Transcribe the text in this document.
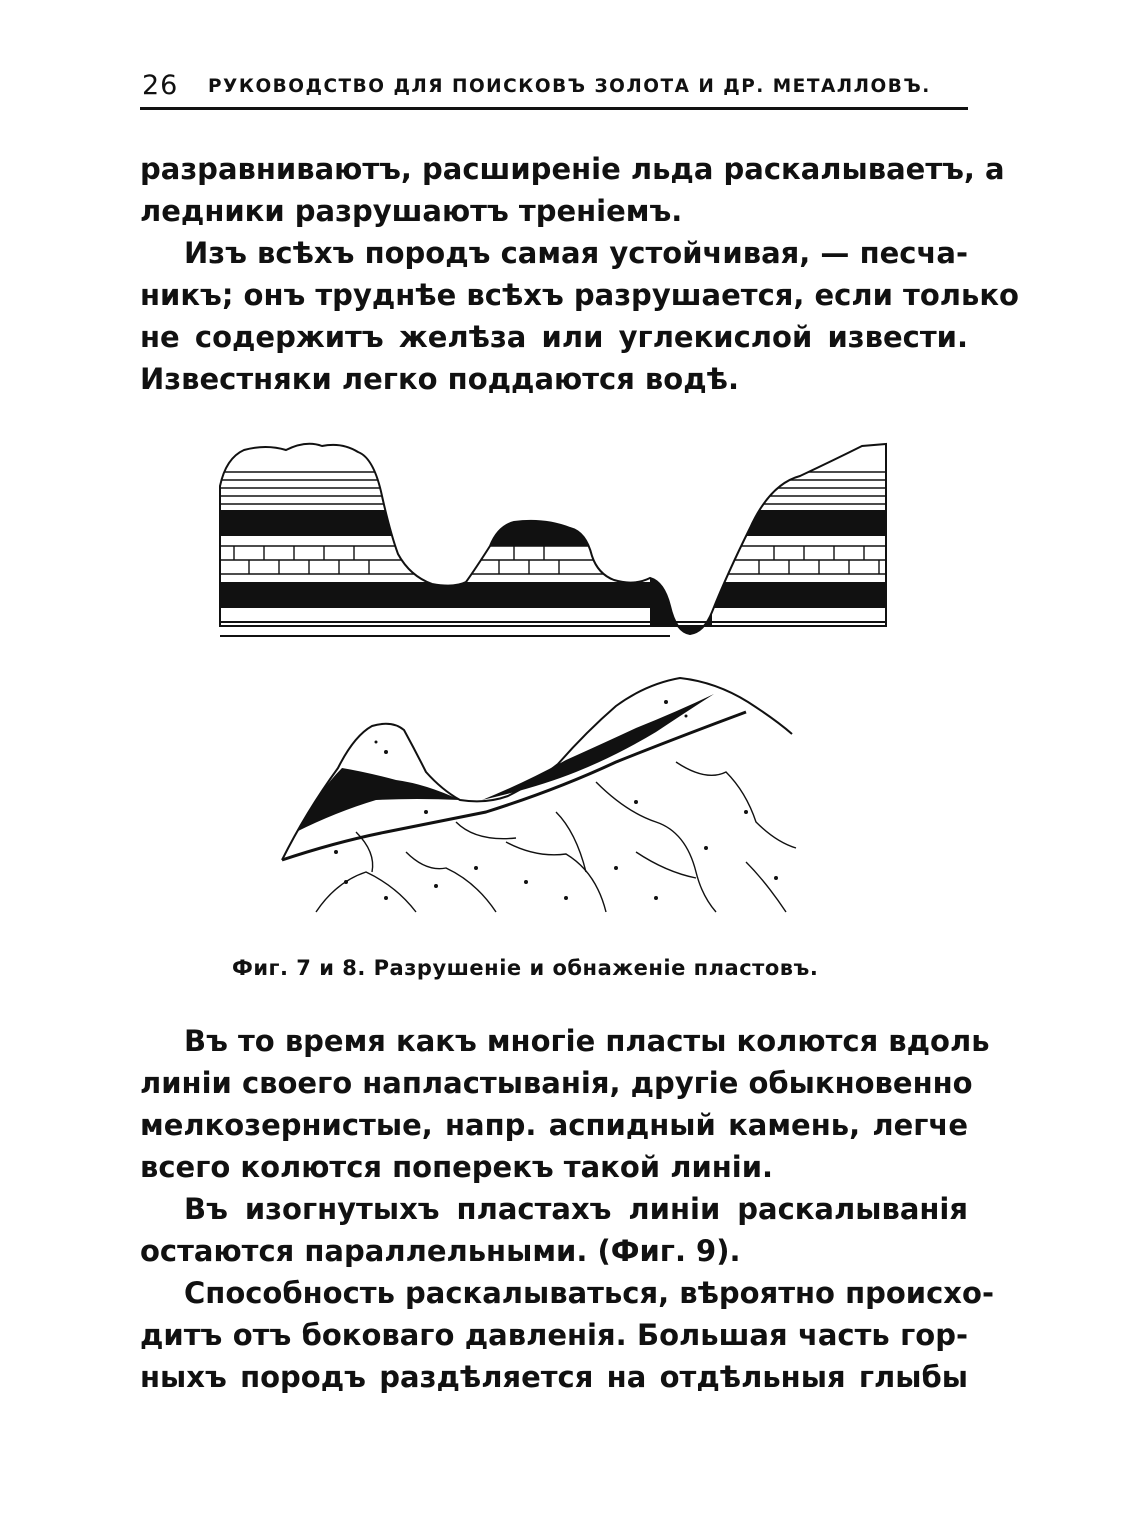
26 РУКОВОДСТВО ДЛЯ ПОИСКОВЪ ЗОЛОТА И ДР. МЕТАЛЛОВЪ.
разравниваютъ, расширеніе льда раскалываетъ, а
ледники разрушаютъ треніемъ.
Изъ всѣхъ породъ самая устойчивая, — песча-
никъ; онъ труднѣе всѣхъ разрушается, если только
не содержитъ желѣза или углекислой извести.
Известняки легко поддаются водѣ.
Фиг. 7 и 8. Разрушеніе и обнаженіе пластовъ.
Въ то время какъ многіе пласты колются вдоль
линіи своего напластыванія, другіе обыкновенно
мелкозернистые, напр. аспидный камень, легче
всего колются поперекъ такой линіи.
Въ изогнутыхъ пластахъ линіи раскалыванія
остаются параллельными. (Фиг. 9).
Способность раскалываться, вѣроятно происхо-
дитъ отъ боковаго давленія. Большая часть гор-
ныхъ породъ раздѣляется на отдѣльныя глыбы
